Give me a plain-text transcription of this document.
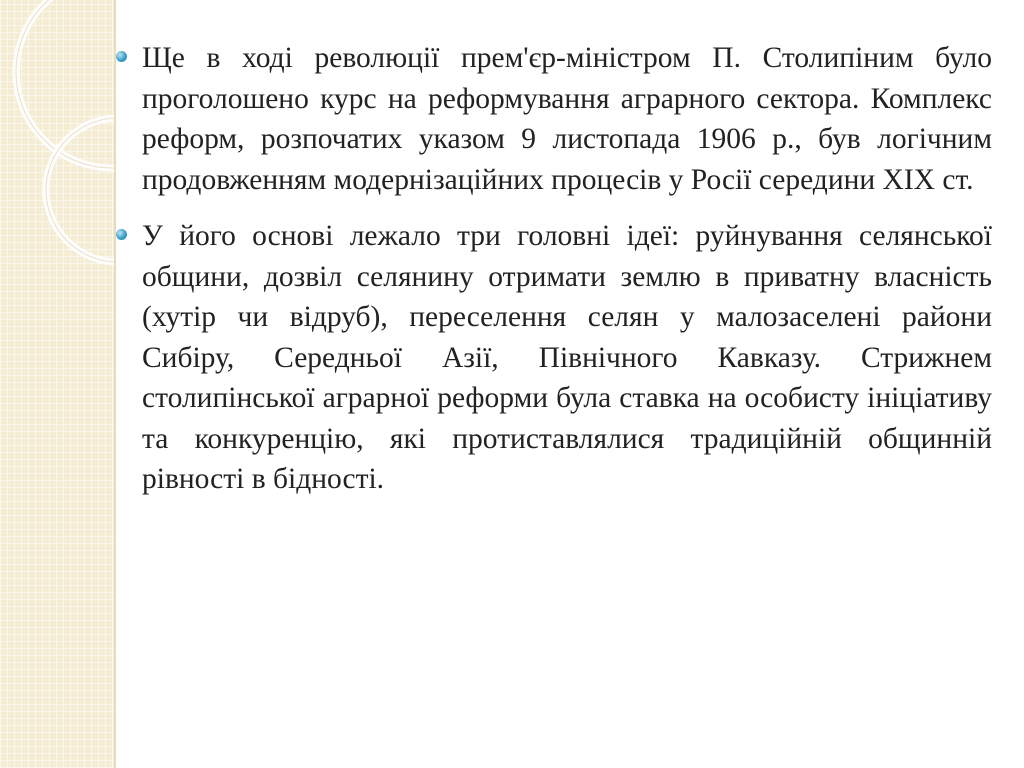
Ще в ході революції прем'єр-міністром П. Столипіним було проголошено курс на реформування аграрного сектора. Комплекс реформ, розпочатих указом 9 листопада 1906 р., був логічним продовженням модернізаційних процесів у Росії середини ХІХ ст.

У його основі лежало три головні ідеї: руйнування селянської общини, дозвіл селянину отримати землю в приватну власність (хутір чи відруб), переселення селян у малозаселені райони Сибіру, Середньої Азії, Північного Кавказу. Стрижнем столипінської аграрної реформи була ставка на особисту ініціативу та конкуренцію, які протиставлялися традиційній общинній рівності в бідності.
